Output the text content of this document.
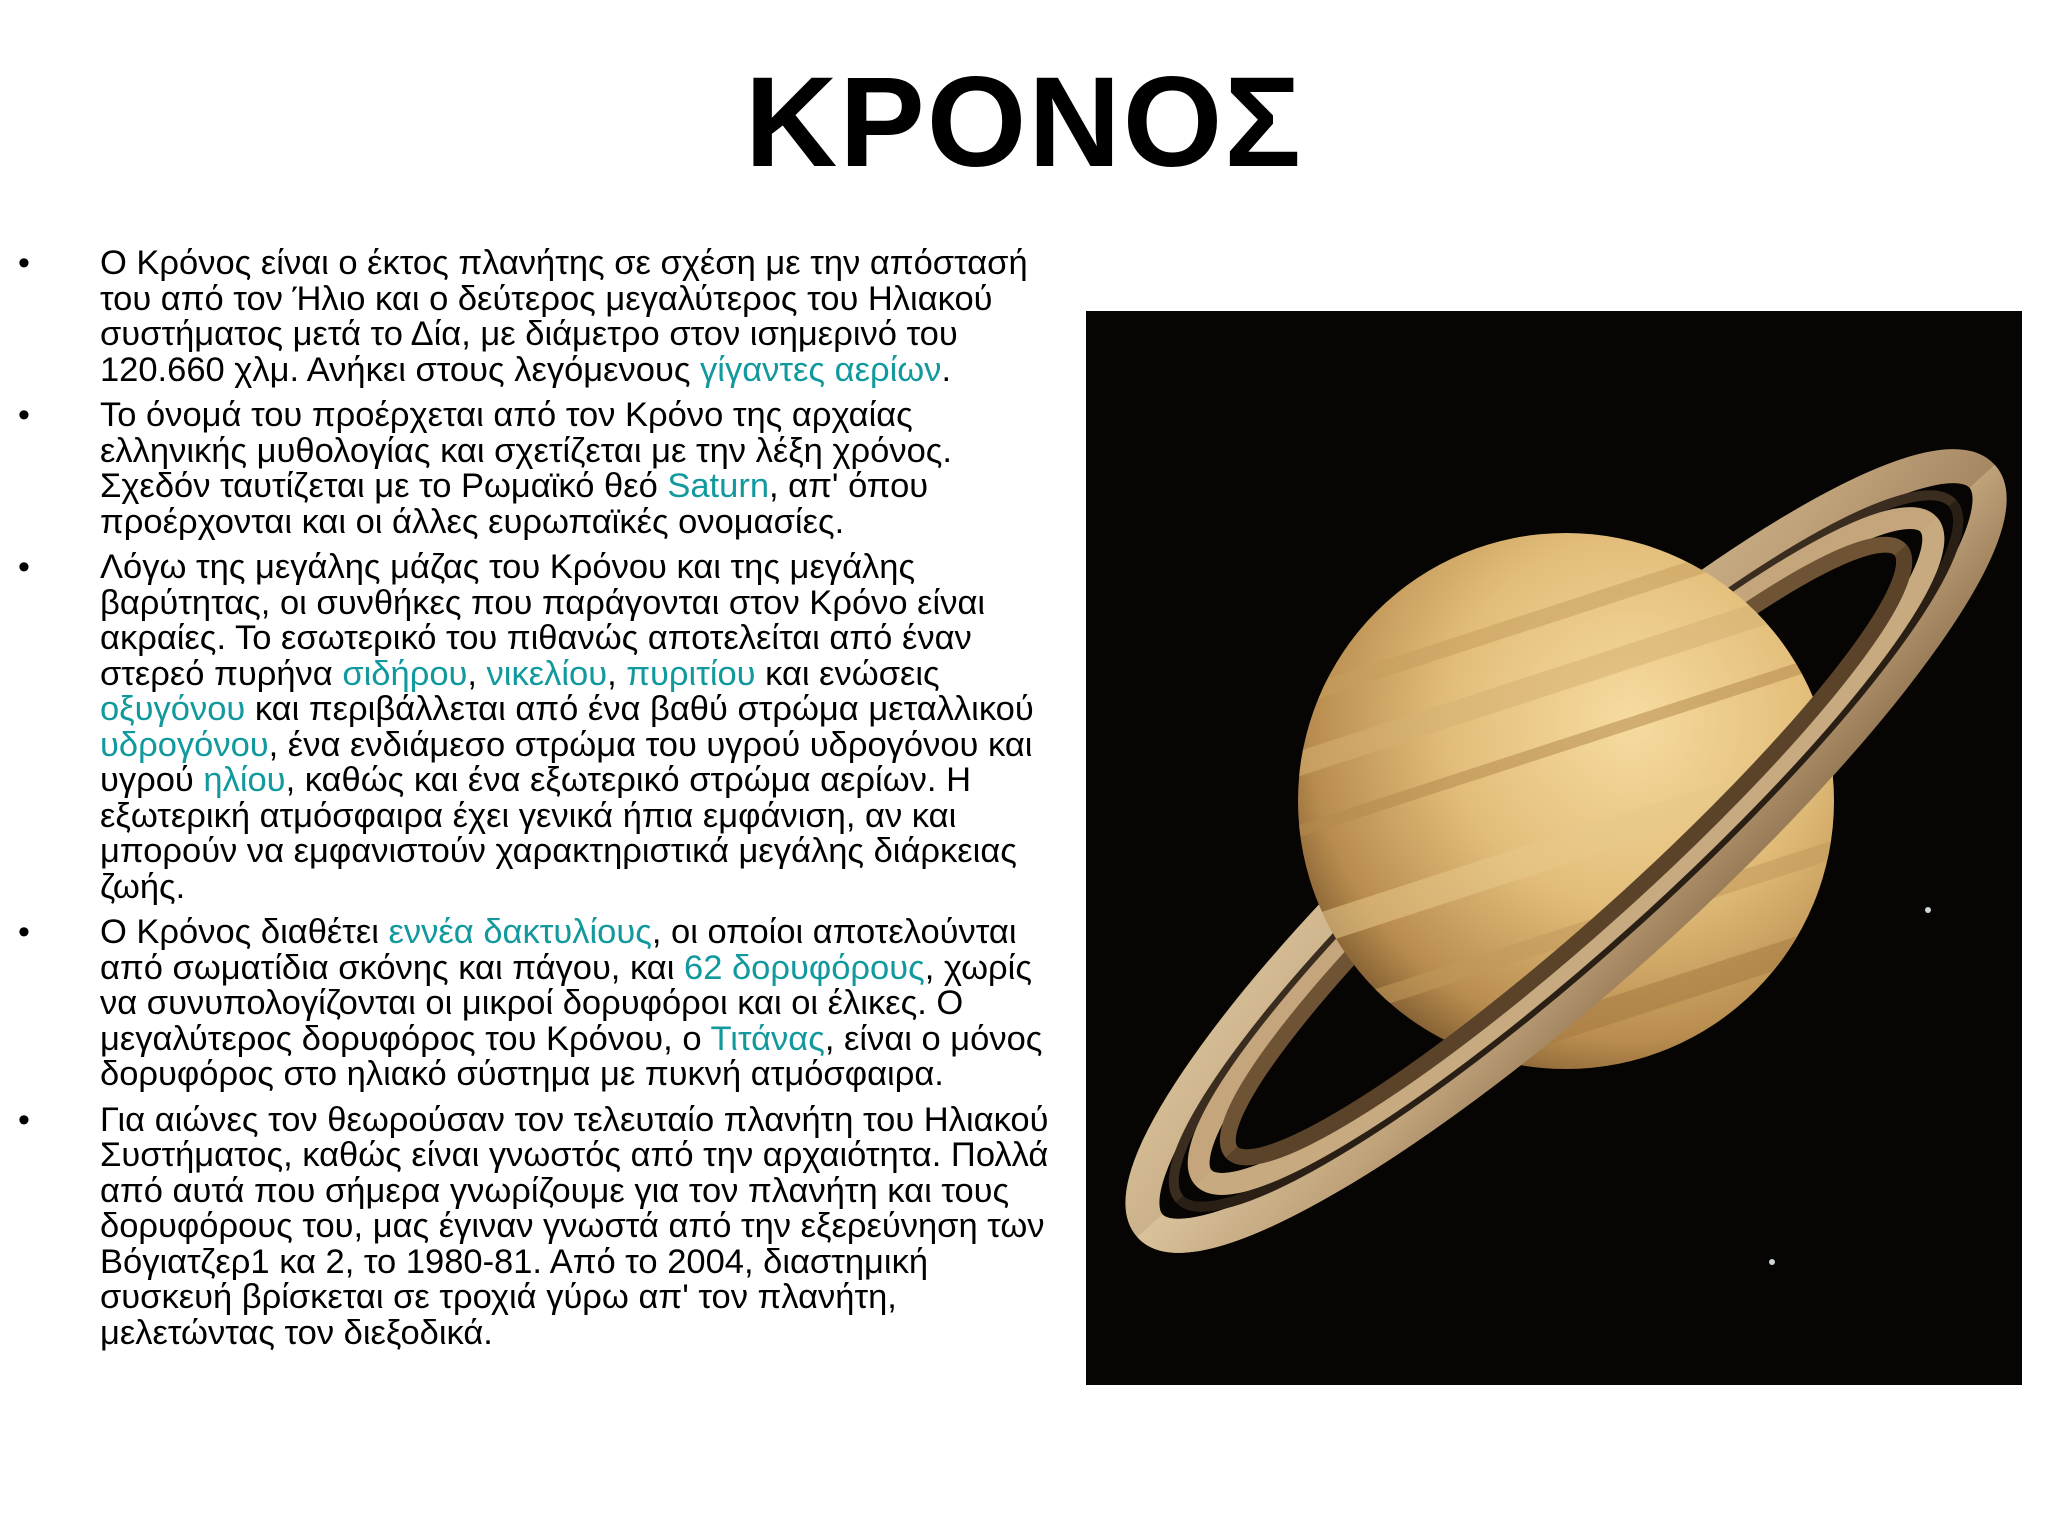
ΚΡΟΝΟΣ
•	Ο Κρόνος είναι ο έκτος πλανήτης σε σχέση με την απόστασή του από τον Ήλιο και ο δεύτερος μεγαλύτερος του Ηλιακού συστήματος μετά το Δία, με διάμετρο στον ισημερινό του 120.660 χλμ. Ανήκει στους λεγόμενους γίγαντες αερίων.
•	Το όνομά του προέρχεται από τον Κρόνο της αρχαίας ελληνικής μυθολογίας και σχετίζεται με την λέξη χρόνος. Σχεδόν ταυτίζεται με το Ρωμαϊκό θεό Saturn, απ' όπου προέρχονται και οι άλλες ευρωπαϊκές ονομασίες.
•	Λόγω της μεγάλης μάζας του Κρόνου και της μεγάλης βαρύτητας, οι συνθήκες που παράγονται στον Κρόνο είναι ακραίες. Το εσωτερικό του πιθανώς αποτελείται από έναν στερεό πυρήνα σιδήρου, νικελίου, πυριτίου και ενώσεις οξυγόνου και περιβάλλεται από ένα βαθύ στρώμα μεταλλικού υδρογόνου, ένα ενδιάμεσο στρώμα του υγρού υδρογόνου και υγρού ηλίου, καθώς και ένα εξωτερικό στρώμα αερίων. Η εξωτερική ατμόσφαιρα έχει γενικά ήπια εμφάνιση, αν και μπορούν να εμφανιστούν χαρακτηριστικά μεγάλης διάρκειας ζωής.
•	Ο Κρόνος διαθέτει εννέα δακτυλίους, οι οποίοι αποτελούνται από σωματίδια σκόνης και πάγου, και 62 δορυφόρους, χωρίς να συνυπολογίζονται οι μικροί δορυφόροι και οι έλικες. Ο μεγαλύτερος δορυφόρος του Κρόνου, ο Τιτάνας, είναι ο μόνος δορυφόρος στο ηλιακό σύστημα με πυκνή ατμόσφαιρα.
•	Για αιώνες τον θεωρούσαν τον τελευταίο πλανήτη του Ηλιακού Συστήματος, καθώς είναι γνωστός από την αρχαιότητα. Πολλά από αυτά που σήμερα γνωρίζουμε για τον πλανήτη και τους δορυφόρους του, μας έγιναν γνωστά από την εξερεύνηση των Βόγιατζερ1 κα 2, το 1980-81. Από το 2004, διαστημική συσκευή βρίσκεται σε τροχιά γύρω απ' τον πλανήτη, μελετώντας τον διεξοδικά.
